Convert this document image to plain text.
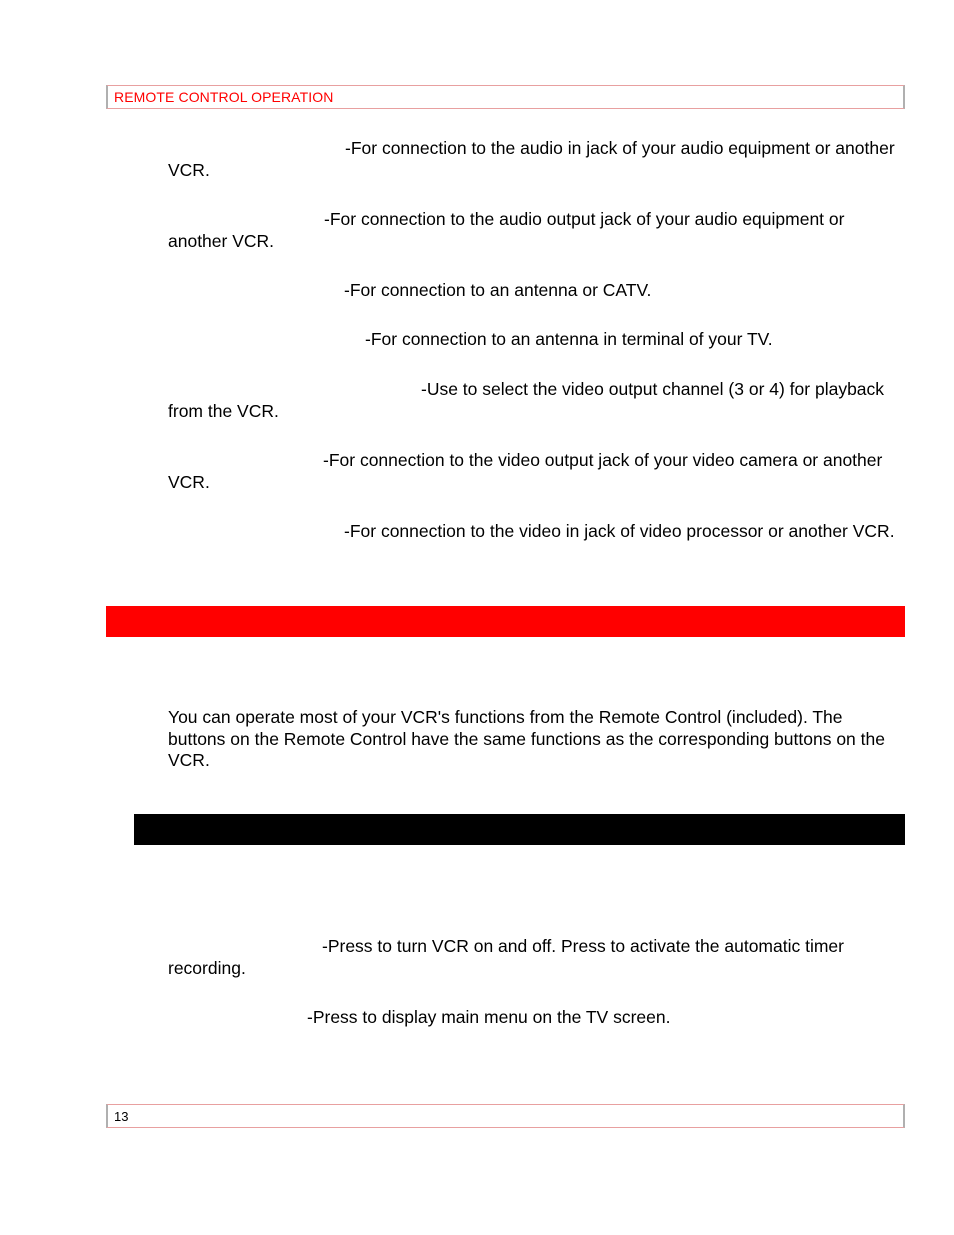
REMOTE CONTROL OPERATION

-For connection to the audio in jack of your audio equipment or another VCR.

-For connection to the audio output jack of your audio equipment or another VCR.

-For connection to an antenna or CATV.

-For connection to an antenna in terminal of your TV.

-Use to select the video output channel (3 or 4) for playback from the VCR.

-For connection to the video output jack of your video camera or another VCR.

-For connection to the video in jack of video processor or another VCR.

You can operate most of your VCR's functions from the Remote Control (included). The buttons on the Remote Control have the same functions as the corresponding buttons on the VCR.

-Press to turn VCR on and off. Press to activate the automatic timer recording.

-Press to display main menu on the TV screen.

13
